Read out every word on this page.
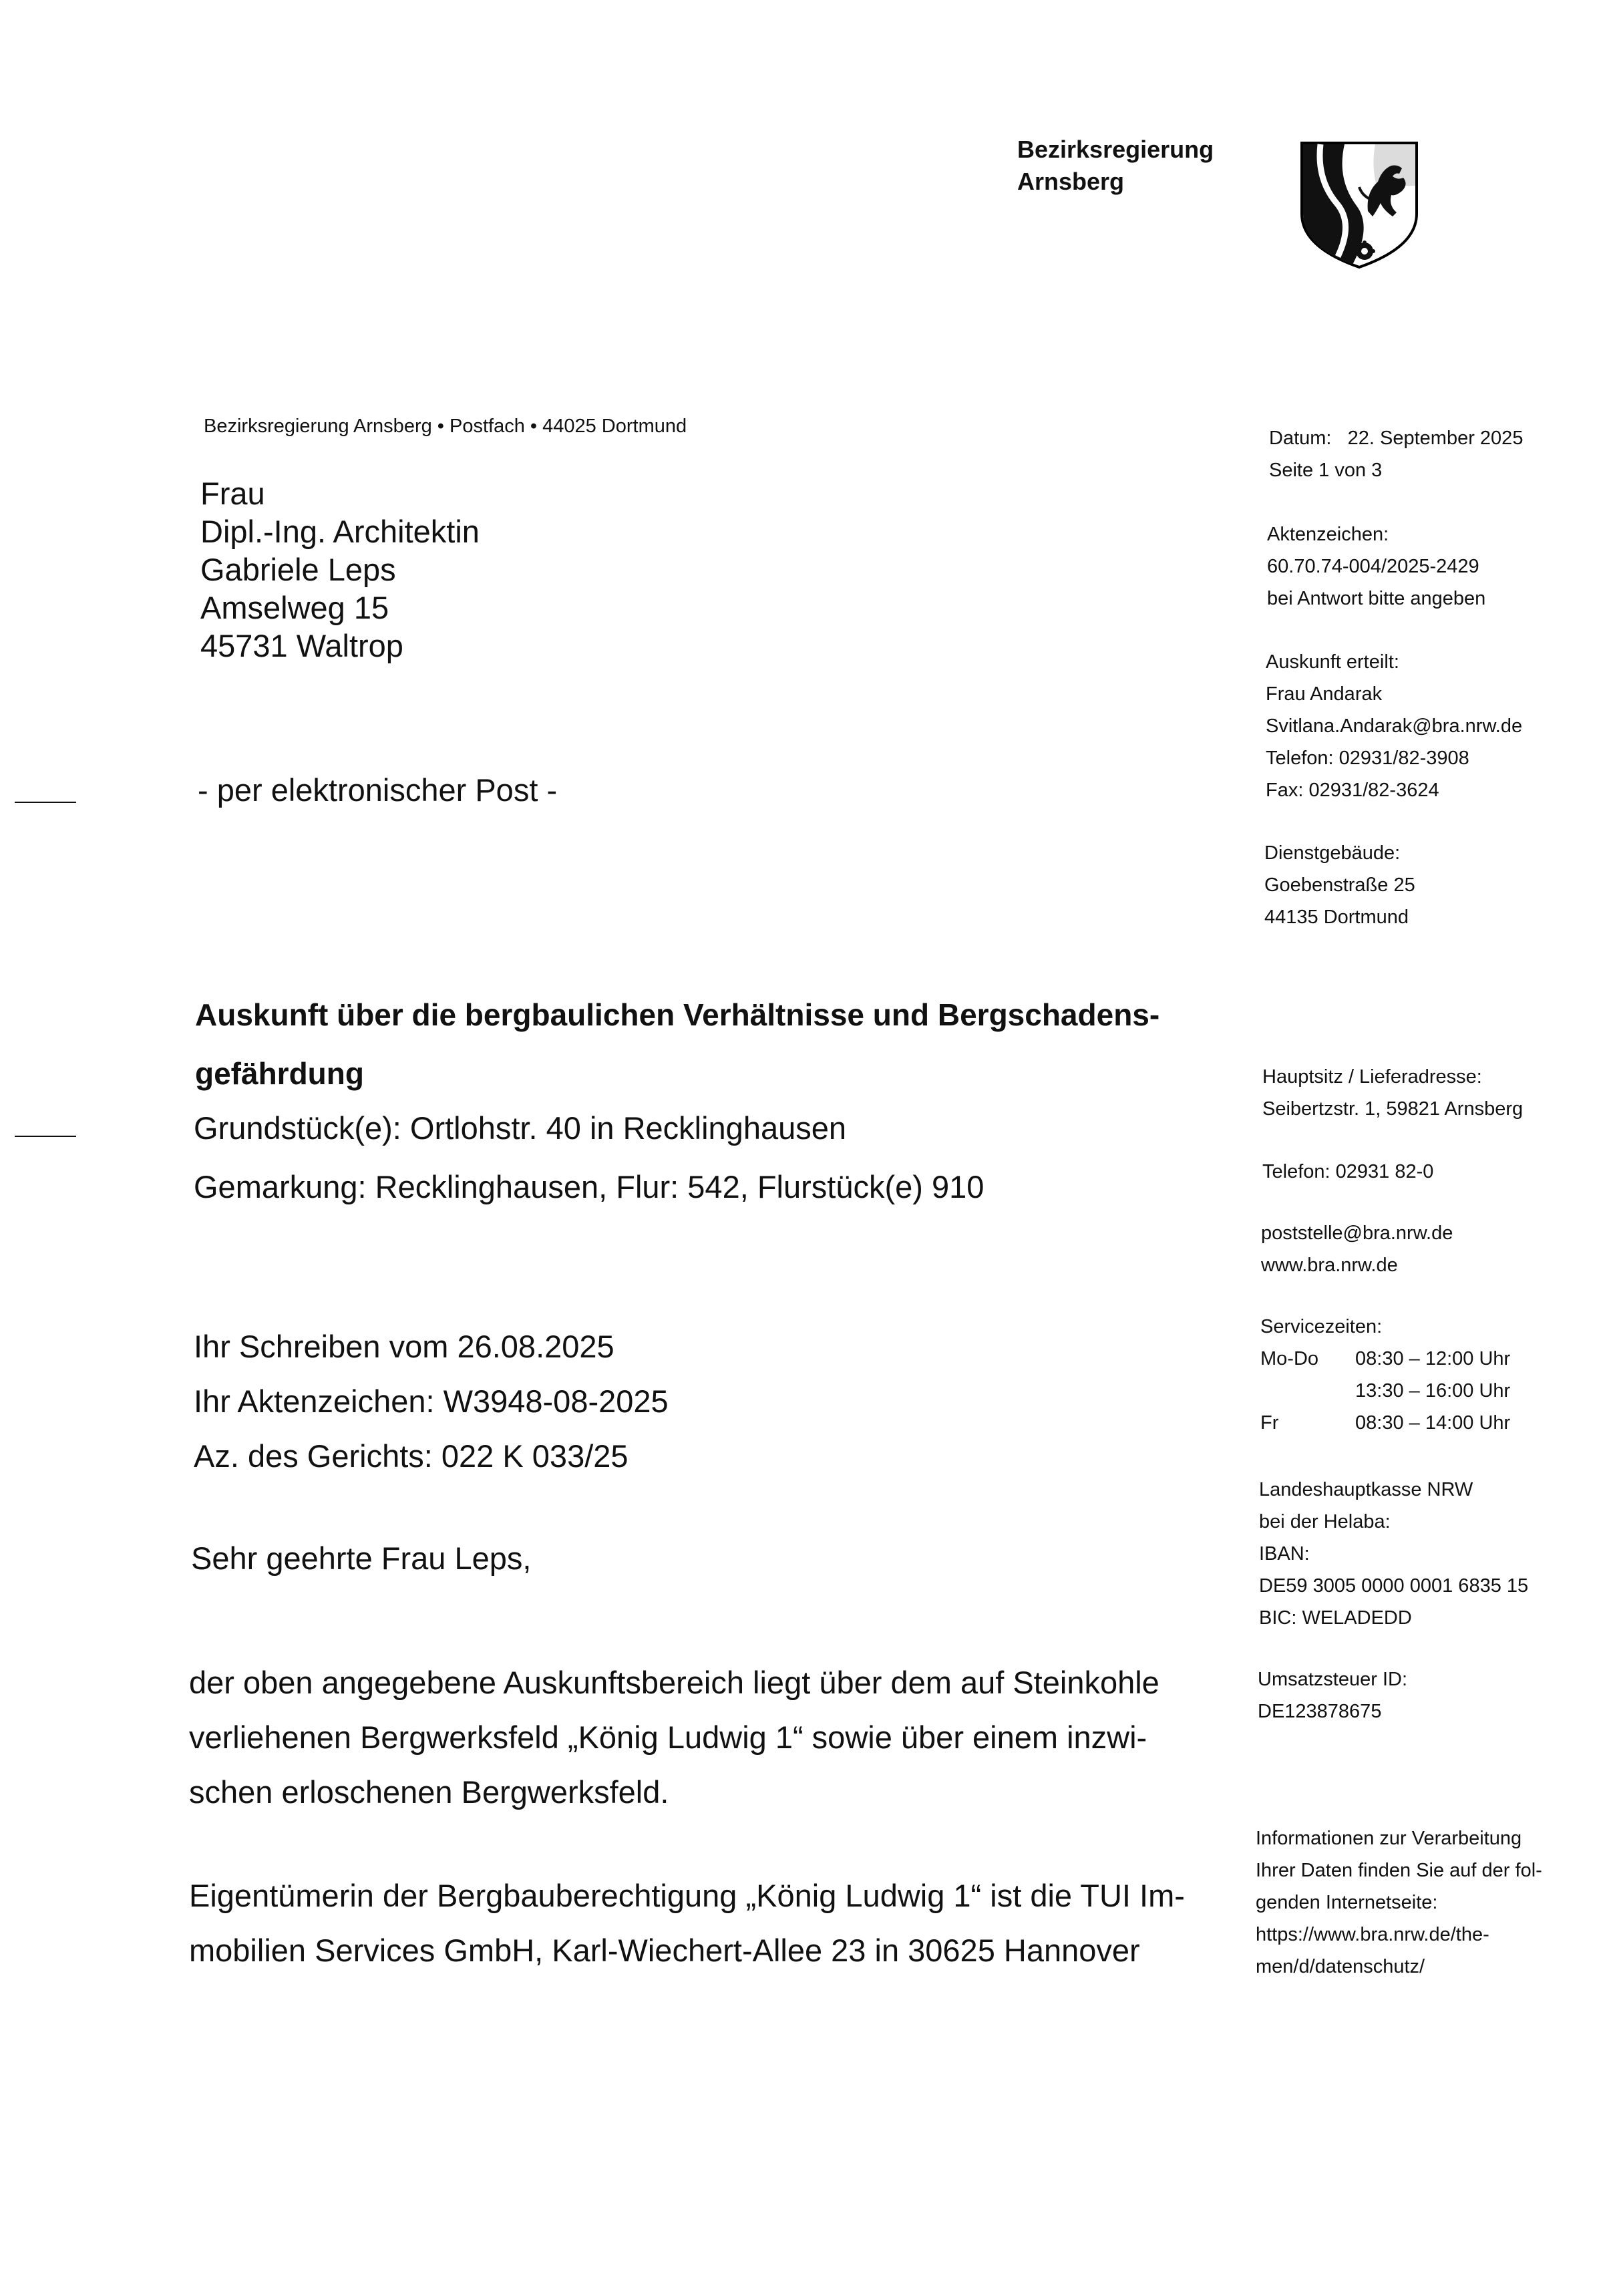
Bezirksregierung
Arnsberg
Bezirksregierung Arnsberg • Postfach • 44025 Dortmund
Frau
Dipl.-Ing. Architektin
Gabriele Leps
Amselweg 15
45731 Waltrop
- per elektronischer Post -
Datum:   22. September 2025
Seite 1 von 3
Aktenzeichen:
60.70.74-004/2025-2429
bei Antwort bitte angeben
Auskunft erteilt:
Frau Andarak
Svitlana.Andarak@bra.nrw.de
Telefon: 02931/82-3908
Fax: 02931/82-3624
Dienstgebäude:
Goebenstraße 25
44135 Dortmund
Hauptsitz / Lieferadresse:
Seibertzstr. 1, 59821 Arnsberg
Telefon: 02931 82-0
poststelle@bra.nrw.de
www.bra.nrw.de
Servicezeiten:
Mo-Do 08:30 – 12:00 Uhr
13:30 – 16:00 Uhr
Fr	08:30 – 14:00 Uhr
Landeshauptkasse NRW
bei der Helaba:
IBAN:
DE59 3005 0000 0001 6835 15
BIC: WELADEDD
Umsatzsteuer ID:
DE123878675
Informationen zur Verarbeitung
Ihrer Daten finden Sie auf der fol-
genden Internetseite:
https://www.bra.nrw.de/the-
men/d/datenschutz/
Auskunft über die bergbaulichen Verhältnisse und Bergschadens-
gefährdung
Grundstück(e): Ortlohstr. 40 in Recklinghausen
Gemarkung: Recklinghausen, Flur: 542, Flurstück(e) 910
Ihr Schreiben vom 26.08.2025
Ihr Aktenzeichen: W3948-08-2025
Az. des Gerichts: 022 K 033/25
Sehr geehrte Frau Leps,
der oben angegebene Auskunftsbereich liegt über dem auf Steinkohle
verliehenen Bergwerksfeld „König Ludwig 1“ sowie über einem inzwi-
schen erloschenen Bergwerksfeld.
Eigentümerin der Bergbauberechtigung „König Ludwig 1“ ist die TUI Im-
mobilien Services GmbH, Karl-Wiechert-Allee 23 in 30625 Hannover
